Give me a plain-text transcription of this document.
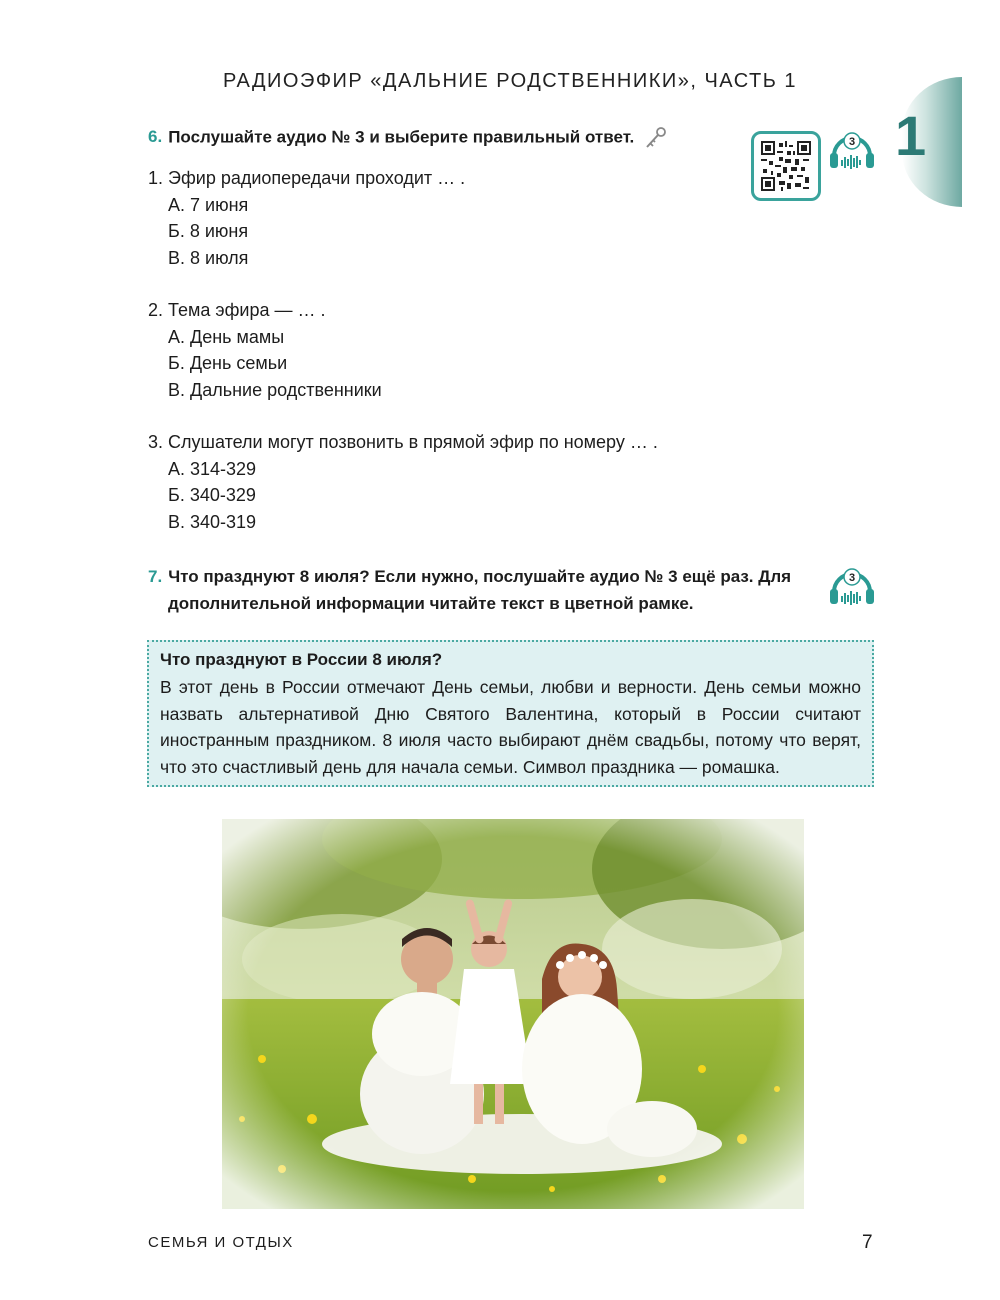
РАДИОЭФИР «ДАЛЬНИЕ РОДСТВЕННИКИ», ЧАСТЬ 1
1
3
6. Послушайте аудио № 3 и выберите правильный ответ.
1. Эфир радиопередачи проходит … .
А. 7 июня
Б. 8 июня
В. 8 июля
2. Тема эфира — … .
А. День мамы
Б. День семьи
В. Дальние родственники
3. Слушатели могут позвонить в прямой эфир по номеру … .
А. 314-329
Б. 340-329
В. 340-319
7. Что празднуют 8 июля? Если нужно, послушайте аудио № 3 ещё раз. Для
дополнительной информации читайте текст в цветной рамке.
3
Что празднуют в России 8 июля?
В этот день в России отмечают День семьи, любви и верности. День семьи можно назвать альтернативой Дню Святого Валентина, который в России считают иностранным праздником. 8 июля часто выбирают днём свадьбы, потому что верят, что это счастливый день для начала семьи. Символ праздника — ромашка.
СЕМЬЯ И ОТДЫХ	7
